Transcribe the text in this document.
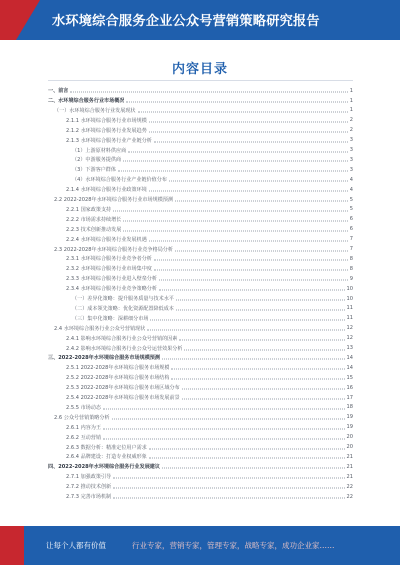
水环境综合服务企业公众号营销策略研究报告
内容目录
一、前言	1
二、水环境综合服务行业市场概况	1
（一）水环境综合服务行业发展现状	1
2.1.1 水环境综合服务行业市场规模	2
2.1.2 水环境综合服务行业发展趋势	2
2.1.3 水环境综合服务行业产业链分析	3
（1）上游原材料供应商	3
（2）中游服务提供商	3
（3）下游客户群体	3
（4）水环境综合服务行业产业链价值分布	4
2.1.4 水环境综合服务行业政策环境	4
2.2 2022-2028年水环境综合服务行业市场规模预测	5
2.2.1 国家政策支持	5
2.2.2 市场需求持续增长	6
2.2.3 技术创新推动发展	6
2.2.4 水环境综合服务行业发展机遇	7
2.3 2022-2028年水环境综合服务行业竞争格局分析	7
2.3.1 水环境综合服务行业竞争者分析	8
2.3.2 水环境综合服务行业市场集中度	8
2.3.3 水环境综合服务行业进入壁垒分析	9
2.3.4 水环境综合服务行业竞争策略分析	10
（一）差异化策略：提升服务质量与技术水平	10
（二）成本领先策略：优化资源配置降低成本	11
（三）集中化策略：深耕细分市场	11
2.4 水环境综合服务行业公众号营销现状	12
2.4.1 影响水环境综合服务行业公众号营销的因素	12
2.4.2 影响水环境综合服务行业公众号运营效果分析	13
三、2022-2028年水环境综合服务市场规模预测	14
2.5.1 2022-2028年水环境综合服务市场规模	14
2.5.2 2022-2028年水环境综合服务市场结构	15
2.5.3 2022-2028年水环境综合服务市场区域分布	16
2.5.4 2022-2028年水环境综合服务市场发展前景	17
2.5.5 市场动态	18
2.6 公众号营销策略分析	19
2.6.1 内容为王	19
2.6.2 互动营销	20
2.6.3 数据分析：精准定位用户需求	20
2.6.4 品牌建设：打造专业权威形象	21
四、2022-2028年水环境综合服务行业发展建议	21
2.7.1 加强政策引导	21
2.7.2 推动技术创新	22
2.7.3 完善市场机制	22
让每个人都有价值	行业专家，营销专家，管理专家，战略专家，成功企业家……
